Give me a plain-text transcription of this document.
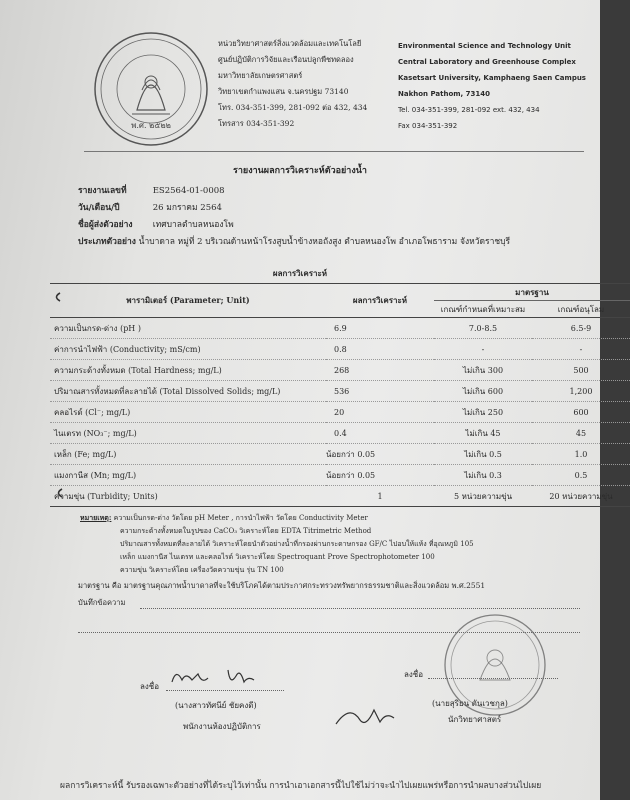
พ.ศ. ๒๕๒๒
หน่วยวิทยาศาสตร์สิ่งแวดล้อมและเทคโนโลยี
ศูนย์ปฏิบัติการวิจัยและเรือนปลูกพืชทดลอง
มหาวิทยาลัยเกษตรศาสตร์
วิทยาเขตกำแพงแสน จ.นครปฐม 73140
โทร. 034-351-399, 281-092 ต่อ 432, 434
โทรสาร 034-351-392
Environmental Science and Technology Unit
Central Laboratory and Greenhouse Complex
Kasetsart University, Kamphaeng Saen Campus
Nakhon Pathom, 73140
Tel. 034-351-399, 281-092 ext. 432, 434
Fax 034-351-392
รายงานผลการวิเคราะห์ตัวอย่างน้ำ
รายงานเลขที่	ES2564-01-0008
วัน/เดือน/ปี	26 มกราคม 2564
ชื่อผู้ส่งตัวอย่าง เทศบาลตำบลหนองโพ
ประเภทตัวอย่าง น้ำบาดาล หมู่ที่ 2 บริเวณด้านหน้าโรงสูบน้ำข้างหอถังสูง ตำบลหนองโพ อำเภอโพธาราม จังหวัดราชบุรี
ผลการวิเคราะห์
พารามิเตอร์ (Parameter; Unit)	ผลการวิเคราะห์	มาตรฐาน	
		เกณฑ์กำหนดที่เหมาะสม	เกณฑ์อนุโลม
ความเป็นกรด-ด่าง (pH )	6.9	7.0-8.5	6.5-9
ค่าการนำไฟฟ้า (Conductivity; mS/cm)	0.8	-	-
ความกระด้างทั้งหมด (Total Hardness; mg/L)	268	ไม่เกิน 300	500
ปริมาณสารทั้งหมดที่ละลายได้ (Total Dissolved Solids; mg/L)	536	ไม่เกิน 600	1,200
คลอไรด์ (Cl⁻; mg/L)	20	ไม่เกิน 250	600
ไนเตรท (NO₃⁻; mg/L)	0.4	ไม่เกิน 45	45
เหล็ก (Fe; mg/L)	น้อยกว่า 0.05	ไม่เกิน 0.5	1.0
แมงกานีส (Mn; mg/L)	น้อยกว่า 0.05	ไม่เกิน 0.3	0.5
ความขุ่น (Turbidity; Units)	1	5 หน่วยความขุ่น	20 หน่วยความขุ่น
หมายเหตุ: ความเป็นกรด-ด่าง วัดโดย pH Meter , การนำไฟฟ้า วัดโดย Conductivity Meter
ความกระด้างทั้งหมดในรูปของ CaCO₃ วิเคราะห์โดย EDTA Titrimetric Method
ปริมาณสารทั้งหมดที่ละลายได้ วิเคราะห์โดยนำตัวอย่างน้ำที่กรองผ่านกระดาษกรอง GF/C ไปอบให้แห้ง ที่อุณหภูมิ 105
เหล็ก แมงกานีส ไนเตรท และคลอไรด์ วิเคราะห์โดย Spectroquant Prove Spectrophotometer 100
ความขุ่น วิเคราะห์โดย เครื่องวัดความขุ่น รุ่น TN 100
มาตรฐาน คือ มาตรฐานคุณภาพน้ำบาดาลที่จะใช้บริโภคได้ตามประกาศกระทรวงทรัพยากรธรรมชาติและสิ่งแวดล้อม พ.ศ.2551
บันทึกข้อความ
ลงชื่อ
(นางสาวทัศนีย์ ชัยคงดี)
พนักงานห้องปฏิบัติการ
ลงชื่อ
(นายสุริยน ตันเวชกุล)
นักวิทยาศาสตร์
ผลการวิเคราะห์นี้ รับรองเฉพาะตัวอย่างที่ได้ระบุไว้เท่านั้น การนำเอาเอกสารนี้ไปใช้ไม่ว่าจะนำไปเผยแพร่หรือการนำผลบางส่วนไปเผย
